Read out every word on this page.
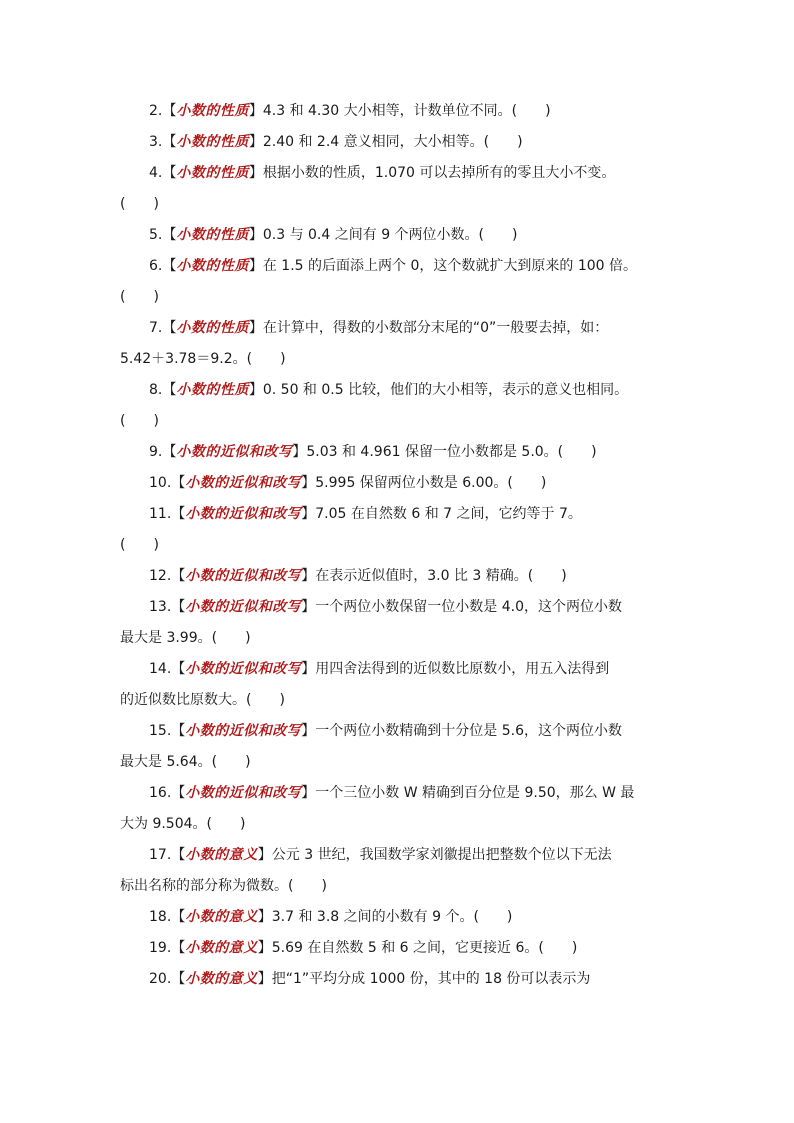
2.【小数的性质】4.3 和 4.30 大小相等，计数单位不同。(　　)
3.【小数的性质】2.40 和 2.4 意义相同，大小相等。(　　)
4.【小数的性质】根据小数的性质，1.070 可以去掉所有的零且大小不变。
(　　)
5.【小数的性质】0.3 与 0.4 之间有 9 个两位小数。(　　)
6.【小数的性质】在 1.5 的后面添上两个 0，这个数就扩大到原来的 100 倍。
(　　)
7.【小数的性质】在计算中，得数的小数部分末尾的“0”一般要去掉，如：
5.42＋3.78＝9.2。(　　)
8.【小数的性质】0. 50 和 0.5 比较，他们的大小相等，表示的意义也相同。
(　　)
9.【小数的近似和改写】5.03 和 4.961 保留一位小数都是 5.0。(　　)
10.【小数的近似和改写】5.995 保留两位小数是 6.00。(　　)
11.【小数的近似和改写】7.05 在自然数 6 和 7 之间，它约等于 7。
(　　)
12.【小数的近似和改写】在表示近似值时，3.0 比 3 精确。(　　)
13.【小数的近似和改写】一个两位小数保留一位小数是 4.0，这个两位小数
最大是 3.99。(　　)
14.【小数的近似和改写】用四舍法得到的近似数比原数小，用五入法得到
的近似数比原数大。(　　)
15.【小数的近似和改写】一个两位小数精确到十分位是 5.6，这个两位小数
最大是 5.64。(　　)
16.【小数的近似和改写】一个三位小数 W 精确到百分位是 9.50，那么 W 最
大为 9.504。(　　)
17.【小数的意义】公元 3 世纪，我国数学家刘徽提出把整数个位以下无法
标出名称的部分称为微数。(　　)
18.【小数的意义】3.7 和 3.8 之间的小数有 9 个。(　　)
19.【小数的意义】5.69 在自然数 5 和 6 之间，它更接近 6。(　　)
20.【小数的意义】把“1”平均分成 1000 份，其中的 18 份可以表示为
